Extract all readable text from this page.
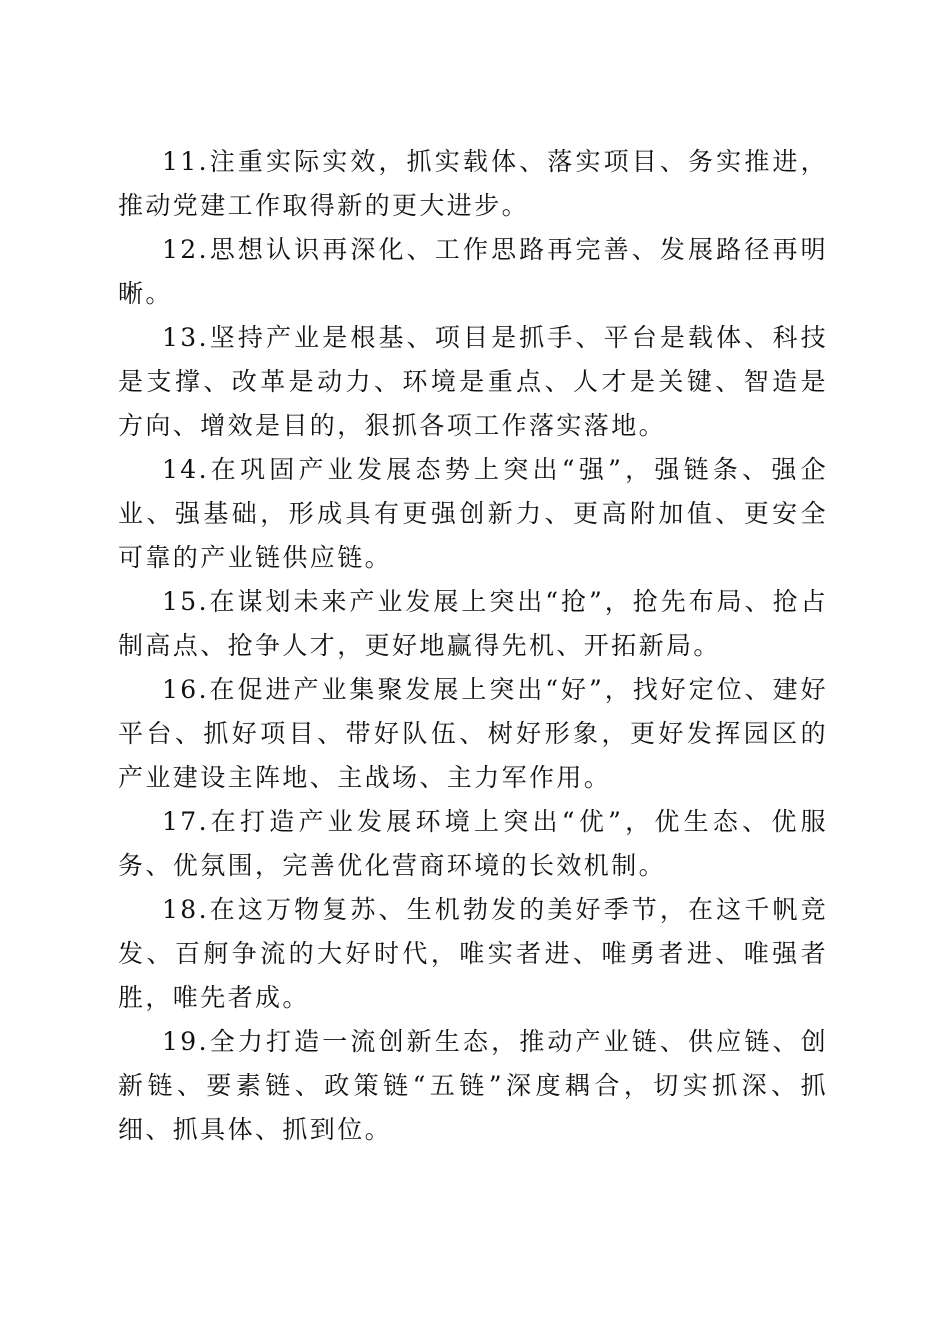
11.注重实际实效，抓实载体、落实项目、务实推进，推动党建工作取得新的更大进步。

12.思想认识再深化、工作思路再完善、发展路径再明晰。

13.坚持产业是根基、项目是抓手、平台是载体、科技是支撑、改革是动力、环境是重点、人才是关键、智造是方向、增效是目的，狠抓各项工作落实落地。

14.在巩固产业发展态势上突出“强”，强链条、强企业、强基础，形成具有更强创新力、更高附加值、更安全可靠的产业链供应链。

15.在谋划未来产业发展上突出“抢”，抢先布局、抢占制高点、抢争人才，更好地赢得先机、开拓新局。

16.在促进产业集聚发展上突出“好”，找好定位、建好平台、抓好项目、带好队伍、树好形象，更好发挥园区的产业建设主阵地、主战场、主力军作用。

17.在打造产业发展环境上突出“优”，优生态、优服务、优氛围，完善优化营商环境的长效机制。

18.在这万物复苏、生机勃发的美好季节，在这千帆竞发、百舸争流的大好时代，唯实者进、唯勇者进、唯强者胜，唯先者成。

19.全力打造一流创新生态，推动产业链、供应链、创新链、要素链、政策链“五链”深度耦合，切实抓深、抓细、抓具体、抓到位。
